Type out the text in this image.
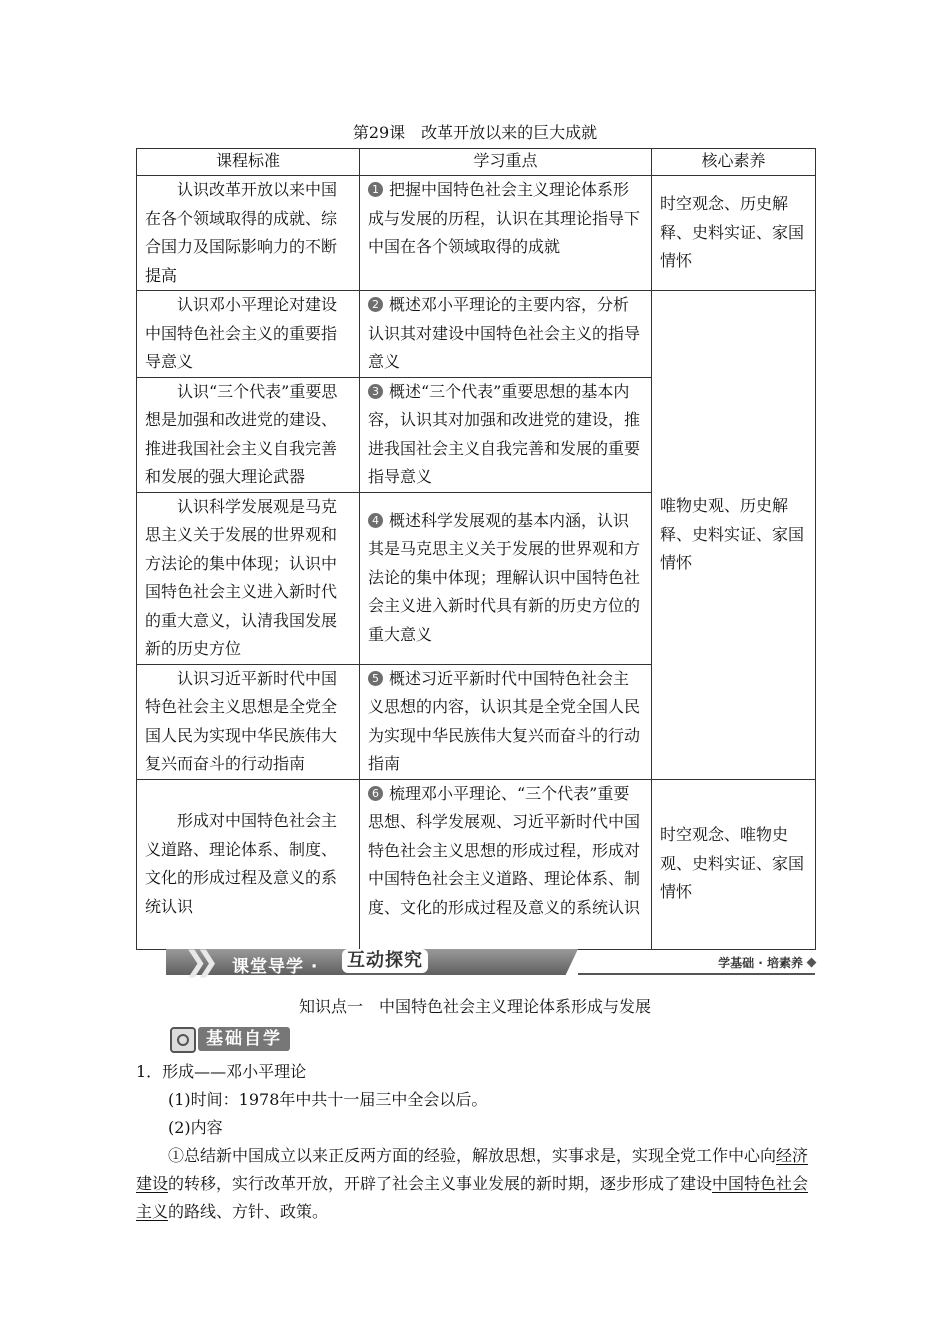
第29课　改革开放以来的巨大成就
课程标准	学习重点	核心素养
认识改革开放以来中国在各个领域取得的成就、综合国力及国际影响力的不断提高	1 把握中国特色社会主义理论体系形成与发展的历程，认识在其理论指导下中国在各个领域取得的成就	时空观念、历史解释、史料实证、家国情怀
认识邓小平理论对建设中国特色社会主义的重要指导意义	2 概述邓小平理论的主要内容，分析认识其对建设中国特色社会主义的指导意义	唯物史观、历史解释、史料实证、家国情怀
认识“三个代表”重要思想是加强和改进党的建设、推进我国社会主义自我完善和发展的强大理论武器	3 概述“三个代表”重要思想的基本内容，认识其对加强和改进党的建设，推进我国社会主义自我完善和发展的重要指导意义	
认识科学发展观是马克思主义关于发展的世界观和方法论的集中体现；认识中国特色社会主义进入新时代的重大意义，认清我国发展新的历史方位	4 概述科学发展观的基本内涵，认识其是马克思主义关于发展的世界观和方法论的集中体现；理解认识中国特色社会主义进入新时代具有新的历史方位的重大意义	
认识习近平新时代中国特色社会主义思想是全党全国人民为实现中华民族伟大复兴而奋斗的行动指南	5 概述习近平新时代中国特色社会主义思想的内容，认识其是全党全国人民为实现中华民族伟大复兴而奋斗的行动指南	
形成对中国特色社会主义道路、理论体系、制度、文化的形成过程及意义的系统认识	6 梳理邓小平理论、“三个代表”重要思想、科学发展观、习近平新时代中国特色社会主义思想的形成过程，形成对中国特色社会主义道路、理论体系、制度、文化的形成过程及意义的系统认识	时空观念、唯物史观、史料实证、家国情怀
❯❯ 课堂导学 · 互动探究	学基础 · 培素养
知识点一　中国特色社会主义理论体系形成与发展
基础自学
1．形成——邓小平理论
(1)时间：1978年中共十一届三中全会以后。
(2)内容
①总结新中国成立以来正反两方面的经验，解放思想，实事求是，实现全党工作中心向经济建设的转移，实行改革开放，开辟了社会主义事业发展的新时期，逐步形成了建设中国特色社会主义的路线、方针、政策。
